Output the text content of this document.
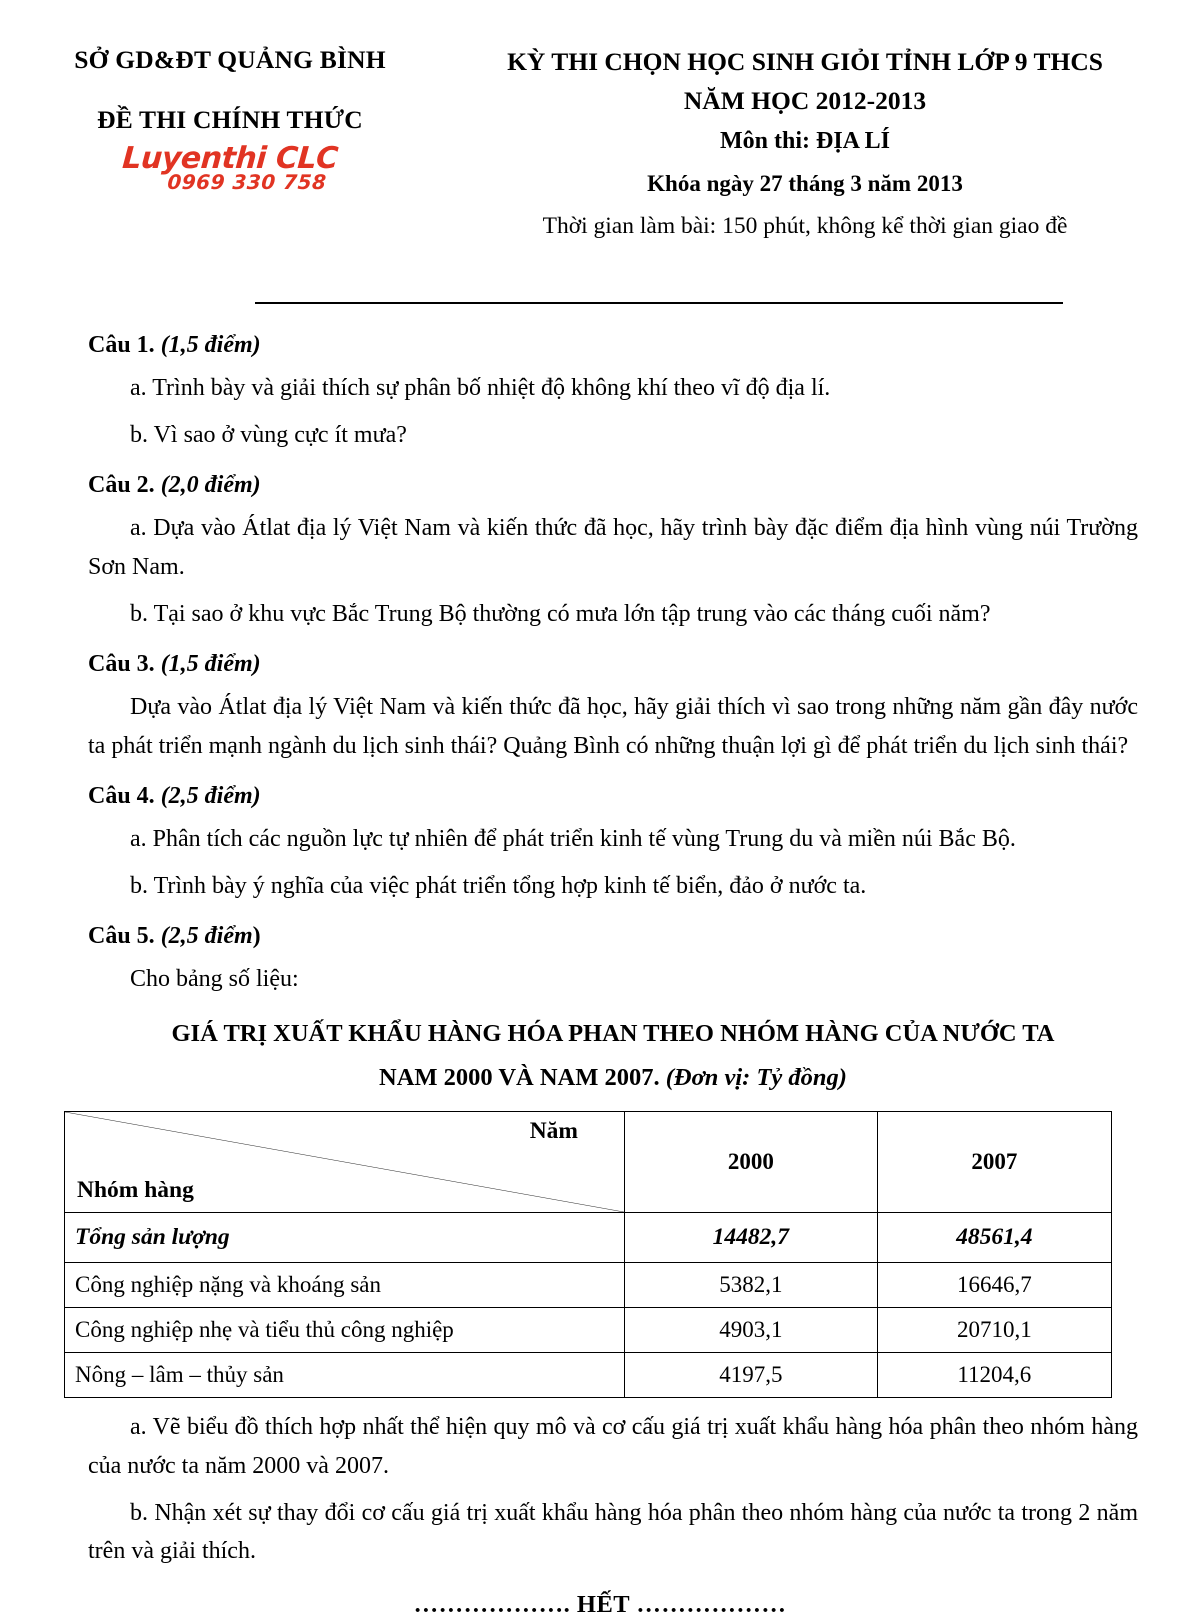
SỞ GD&ĐT QUẢNG BÌNH
ĐỀ THI CHÍNH THỨC
Luyenthi CLC
0969 330 758
KỲ THI CHỌN HỌC SINH GIỎI TỈNH LỚP 9 THCS
NĂM HỌC 2012-2013
Môn thi: ĐỊA LÍ
Khóa ngày 27 tháng 3 năm 2013
Thời gian làm bài: 150 phút, không kể thời gian giao đề
Câu 1. (1,5 điểm)
a. Trình bày và giải thích sự phân bố nhiệt độ không khí theo vĩ độ địa lí.
b. Vì sao ở vùng cực ít mưa?
Câu 2. (2,0 điểm)
a. Dựa vào Átlat địa lý Việt Nam và kiến thức đã học, hãy trình bày đặc điểm địa hình vùng núi Trường Sơn Nam.
b. Tại sao ở khu vực Bắc Trung Bộ thường có mưa lớn tập trung vào các tháng cuối năm?
Câu 3. (1,5 điểm)
Dựa vào Átlat địa lý Việt Nam và kiến thức đã học, hãy giải thích vì sao trong những năm gần đây nước ta phát triển mạnh ngành du lịch sinh thái? Quảng Bình có những thuận lợi gì để phát triển du lịch sinh thái?
Câu 4. (2,5 điểm)
a. Phân tích các nguồn lực tự nhiên để phát triển kinh tế vùng Trung du và miền núi Bắc Bộ.
b. Trình bày ý nghĩa của việc phát triển tổng hợp kinh tế biển, đảo ở nước ta.
Câu 5. (2,5 điểm)
Cho bảng số liệu:
GIÁ TRỊ XUẤT KHẨU HÀNG HÓA PHAN THEO NHÓM HÀNG CỦA NƯỚC TA
NAM 2000 VÀ NAM 2007. (Đơn vị: Tỷ đồng)
Năm
Nhóm hàng	2000	2007
Tổng sản lượng	14482,7	48561,4
Công nghiệp nặng và khoáng sản	5382,1	16646,7
Công nghiệp nhẹ và tiểu thủ công nghiệp	4903,1	20710,1
Nông – lâm – thủy sản	4197,5	11204,6
a. Vẽ biểu đồ thích hợp nhất thể hiện quy mô và cơ cấu giá trị xuất khẩu hàng hóa phân theo nhóm hàng của nước ta năm 2000 và 2007.
b. Nhận xét sự thay đổi cơ cấu giá trị xuất khẩu hàng hóa phân theo nhóm hàng của nước ta trong 2 năm trên và giải thích.
………………. HẾT ………………
